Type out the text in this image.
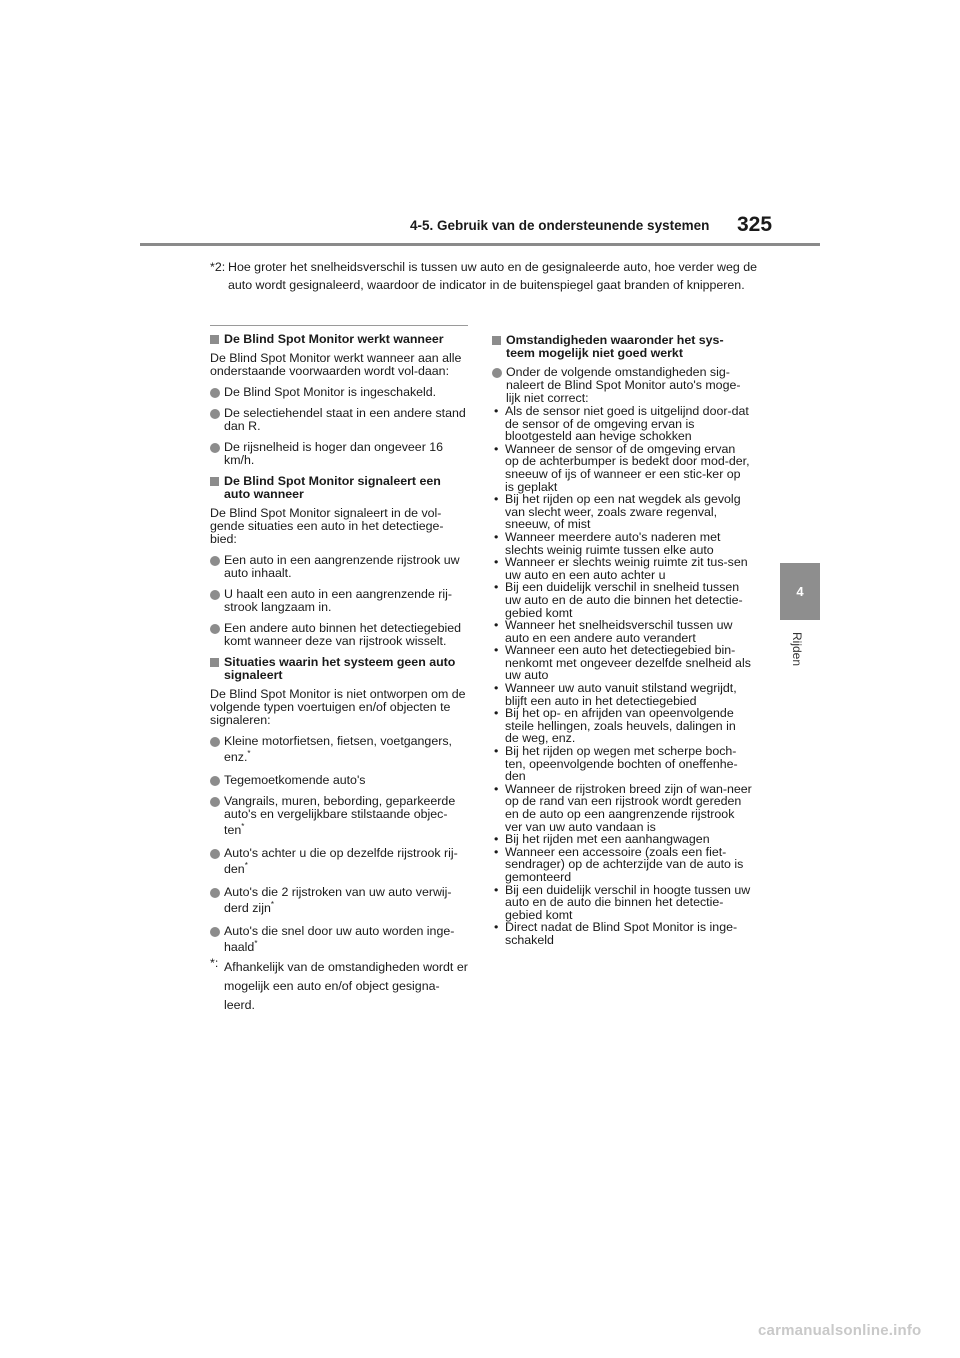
4-5. Gebruik van de ondersteunende systemen 325
4
Rijden
*2: Hoe groter het snelheidsverschil is tussen uw auto en de gesignaleerde auto, hoe verder weg de auto wordt gesignaleerd, waardoor de indicator in de buitenspiegel gaat branden of knipperen.
De Blind Spot Monitor werkt wanneer
De Blind Spot Monitor werkt wanneer aan alle onderstaande voorwaarden wordt vol-daan:
De Blind Spot Monitor is ingeschakeld.
De selectiehendel staat in een andere stand dan R.
De rijsnelheid is hoger dan ongeveer 16 km/h.
De Blind Spot Monitor signaleert een auto wanneer
De Blind Spot Monitor signaleert in de vol-gende situaties een auto in het detectiege-bied:
Een auto in een aangrenzende rijstrook uw auto inhaalt.
U haalt een auto in een aangrenzende rij-strook langzaam in.
Een andere auto binnen het detectiegebied komt wanneer deze van rijstrook wisselt.
Situaties waarin het systeem geen auto signaleert
De Blind Spot Monitor is niet ontworpen om de volgende typen voertuigen en/of objecten te signaleren:
Kleine motorfietsen, fietsen, voetgangers,
enz.*
Tegemoetkomende auto's
Vangrails, muren, bebording, geparkeerde auto's en vergelijkbare stilstaande objec-
ten*
Auto's achter u die op dezelfde rijstrook rij-
den*
Auto's die 2 rijstroken van uw auto verwij-
derd zijn*
Auto's die snel door uw auto worden inge-
haald*
*: Afhankelijk van de omstandigheden wordt er mogelijk een auto en/of object gesigna-leerd.
Omstandigheden waaronder het sys-teem mogelijk niet goed werkt
Onder de volgende omstandigheden sig-naleert de Blind Spot Monitor auto's moge-lijk niet correct:
• Als de sensor niet goed is uitgelijnd door-dat de sensor of de omgeving ervan is blootgesteld aan hevige schokken
• Wanneer de sensor of de omgeving ervan op de achterbumper is bedekt door mod-der, sneeuw of ijs of wanneer er een stic-ker op is geplakt
• Bij het rijden op een nat wegdek als gevolg van slecht weer, zoals zware regenval, sneeuw, of mist
• Wanneer meerdere auto's naderen met slechts weinig ruimte tussen elke auto
• Wanneer er slechts weinig ruimte zit tus-sen uw auto en een auto achter u
• Bij een duidelijk verschil in snelheid tussen uw auto en de auto die binnen het detectie-gebied komt
• Wanneer het snelheidsverschil tussen uw auto en een andere auto verandert
• Wanneer een auto het detectiegebied bin-nenkomt met ongeveer dezelfde snelheid als uw auto
• Wanneer uw auto vanuit stilstand wegrijdt, blijft een auto in het detectiegebied
• Bij het op- en afrijden van opeenvolgende steile hellingen, zoals heuvels, dalingen in de weg, enz.
• Bij het rijden op wegen met scherpe boch-ten, opeenvolgende bochten of oneffenhe-den
• Wanneer de rijstroken breed zijn of wan-neer op de rand van een rijstrook wordt gereden en de auto op een aangrenzende rijstrook ver van uw auto vandaan is
• Bij het rijden met een aanhangwagen
• Wanneer een accessoire (zoals een fiet-sendrager) op de achterzijde van de auto is gemonteerd
• Bij een duidelijk verschil in hoogte tussen uw auto en de auto die binnen het detectie-gebied komt
• Direct nadat de Blind Spot Monitor is inge-schakeld
carmanualsonline.info
